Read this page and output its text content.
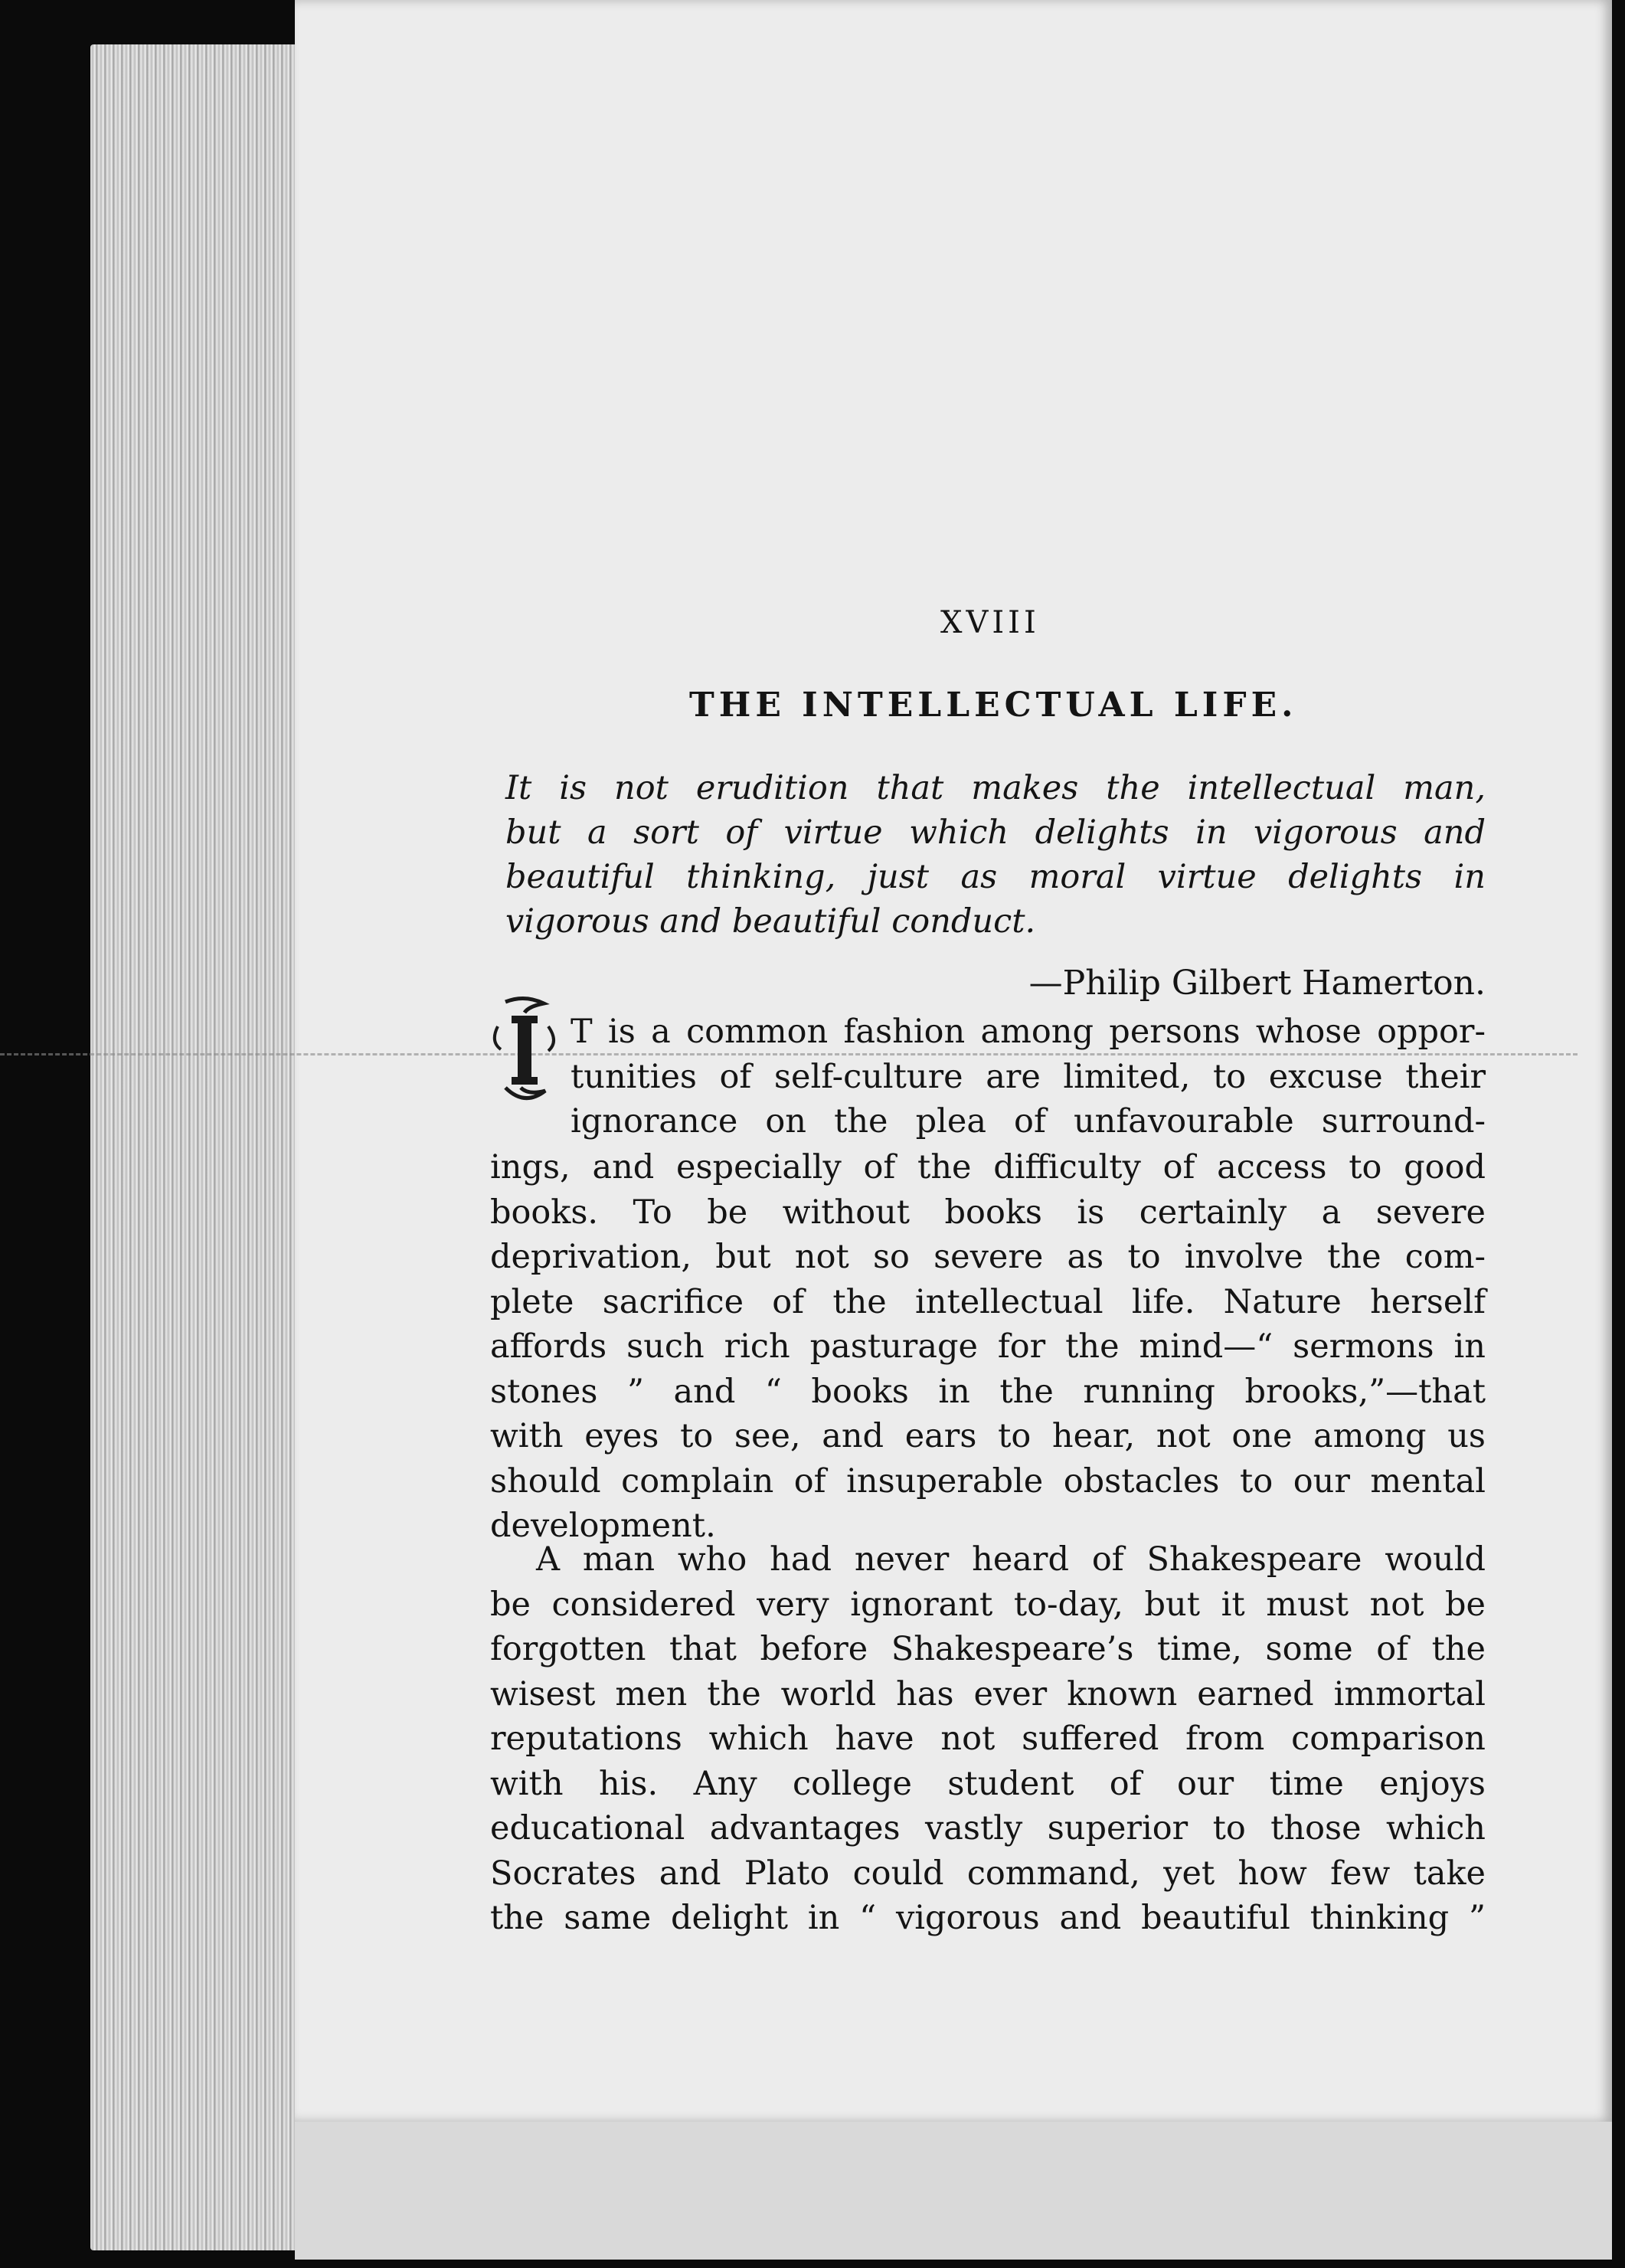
XVIII
THE INTELLECTUAL LIFE.
It is not erudition that makes the intellectual man,
but a sort of virtue which delights in vigorous and
beautiful thinking, just as moral virtue delights in
vigorous and beautiful conduct.
—Philip Gilbert Hamerton.
T is a common fashion among persons whose oppor-
tunities of self-culture are limited, to excuse their
ignorance on the plea of unfavourable surround-
ings, and especially of the difficulty of access to good
books. To be without books is certainly a severe
deprivation, but not so severe as to involve the com-
plete sacrifice of the intellectual life. Nature herself
affords such rich pasturage for the mind—“ sermons in
stones ” and “ books in the running brooks,”—that
with eyes to see, and ears to hear, not one among us
should complain of insuperable obstacles to our mental
development.
A man who had never heard of Shakespeare would
be considered very ignorant to-day, but it must not be
forgotten that before Shakespeare’s time, some of the
wisest men the world has ever known earned immortal
reputations which have not suffered from comparison
with his. Any college student of our time enjoys
educational advantages vastly superior to those which
Socrates and Plato could command, yet how few take
the same delight in “ vigorous and beautiful thinking ”
